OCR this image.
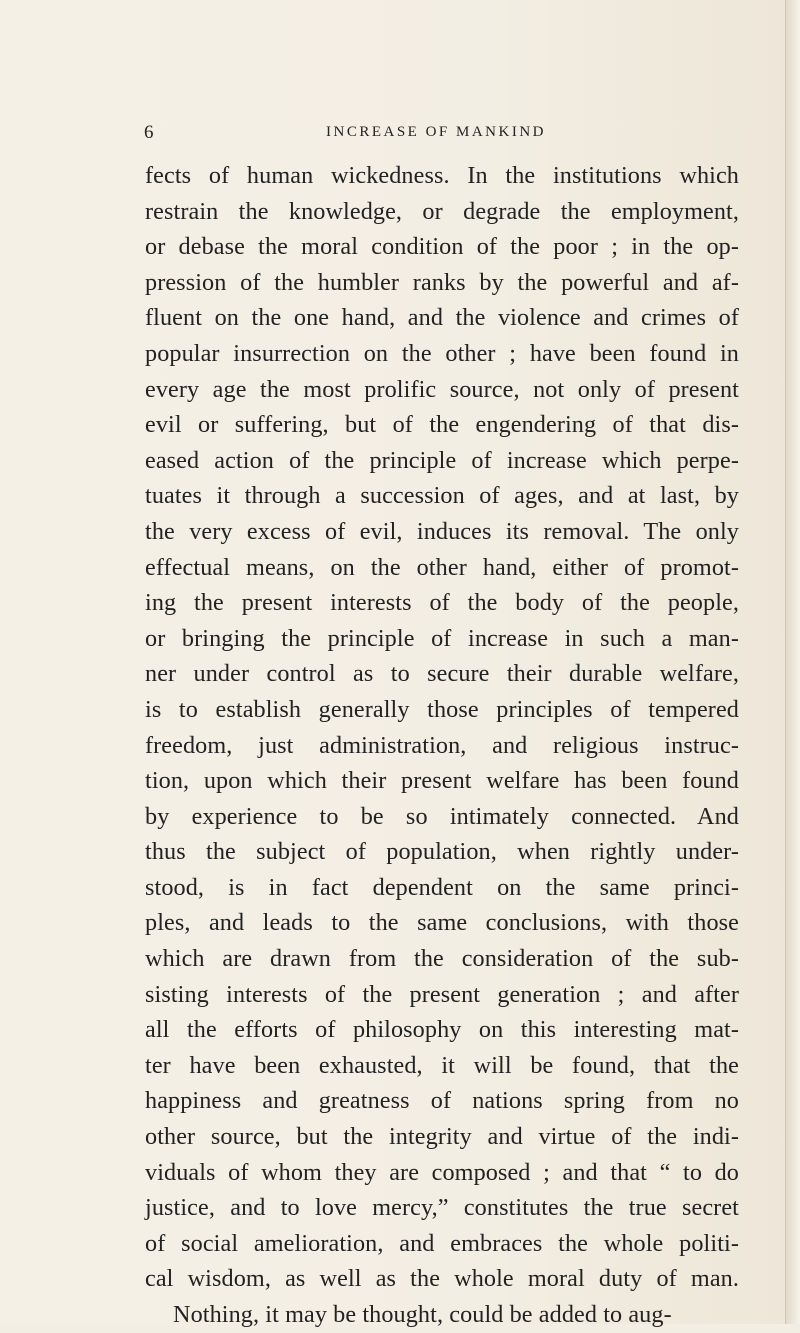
6	INCREASE OF MANKIND
fects of human wickedness. In the institutions which
restrain the knowledge, or degrade the employment,
or debase the moral condition of the poor ; in the op-
pression of the humbler ranks by the powerful and af-
fluent on the one hand, and the violence and crimes of
popular insurrection on the other ; have been found in
every age the most prolific source, not only of present
evil or suffering, but of the engendering of that dis-
eased action of the principle of increase which perpe-
tuates it through a succession of ages, and at last, by
the very excess of evil, induces its removal. The only
effectual means, on the other hand, either of promot-
ing the present interests of the body of the people,
or bringing the principle of increase in such a man-
ner under control as to secure their durable welfare,
is to establish generally those principles of tempered
freedom, just administration, and religious instruc-
tion, upon which their present welfare has been found
by experience to be so intimately connected. And
thus the subject of population, when rightly under-
stood, is in fact dependent on the same princi-
ples, and leads to the same conclusions, with those
which are drawn from the consideration of the sub-
sisting interests of the present generation ; and after
all the efforts of philosophy on this interesting mat-
ter have been exhausted, it will be found, that the
happiness and greatness of nations spring from no
other source, but the integrity and virtue of the indi-
viduals of whom they are composed ; and that “ to do
justice, and to love mercy,” constitutes the true secret
of social amelioration, and embraces the whole politi-
cal wisdom, as well as the whole moral duty of man.
Nothing, it may be thought, could be added to aug-
